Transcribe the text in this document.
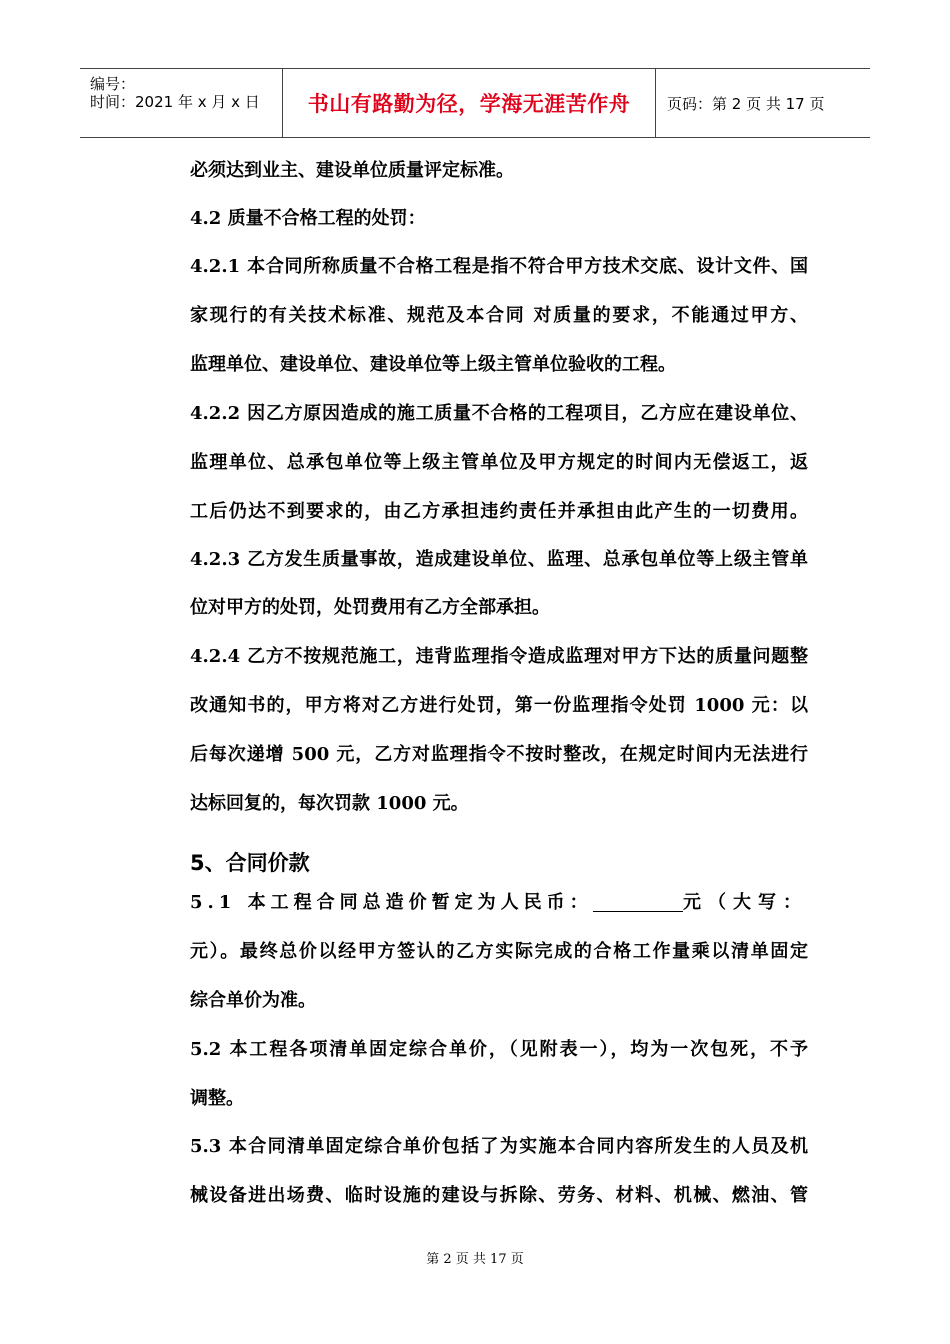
编号：
时间：2021 年 x 月 x 日 书山有路勤为径，学海无涯苦作舟 页码：第 2 页 共 17 页
必须达到业主、建设单位质量评定标准。
4.2 质量不合格工程的处罚：
4.2.1 本合同所称质量不合格工程是指不符合甲方技术交底、设计文件、国
家现行的有关技术标准、规范及本合同 对质量的要求，不能通过甲方、
监理单位、建设单位、建设单位等上级主管单位验收的工程。
4.2.2 因乙方原因造成的施工质量不合格的工程项目，乙方应在建设单位、
监理单位、总承包单位等上级主管单位及甲方规定的时间内无偿返工，返
工后仍达不到要求的，由乙方承担违约责任并承担由此产生的一切费用。
4.2.3 乙方发生质量事故，造成建设单位、监理、总承包单位等上级主管单
位对甲方的处罚，处罚费用有乙方全部承担。
4.2.4 乙方不按规范施工，违背监理指令造成监理对甲方下达的质量问题整
改通知书的，甲方将对乙方进行处罚，第一份监理指令处罚 1000 元：以
后每次递增 500 元，乙方对监理指令不按时整改，在规定时间内无法进行
达标回复的，每次罚款 1000 元。
5、合同价款
5.1 本工程合同总造价暂定为人民币：	元（大写：
元）。最终总价以经甲方签认的乙方实际完成的合格工作量乘以清单固定
综合单价为准。
5.2 本工程各项清单固定综合单价，（见附表一），均为一次包死，不予
调整。
5.3 本合同清单固定综合单价包括了为实施本合同内容所发生的人员及机
械设备进出场费、临时设施的建设与拆除、劳务、材料、机械、燃油、管
第 2 页 共 17 页
